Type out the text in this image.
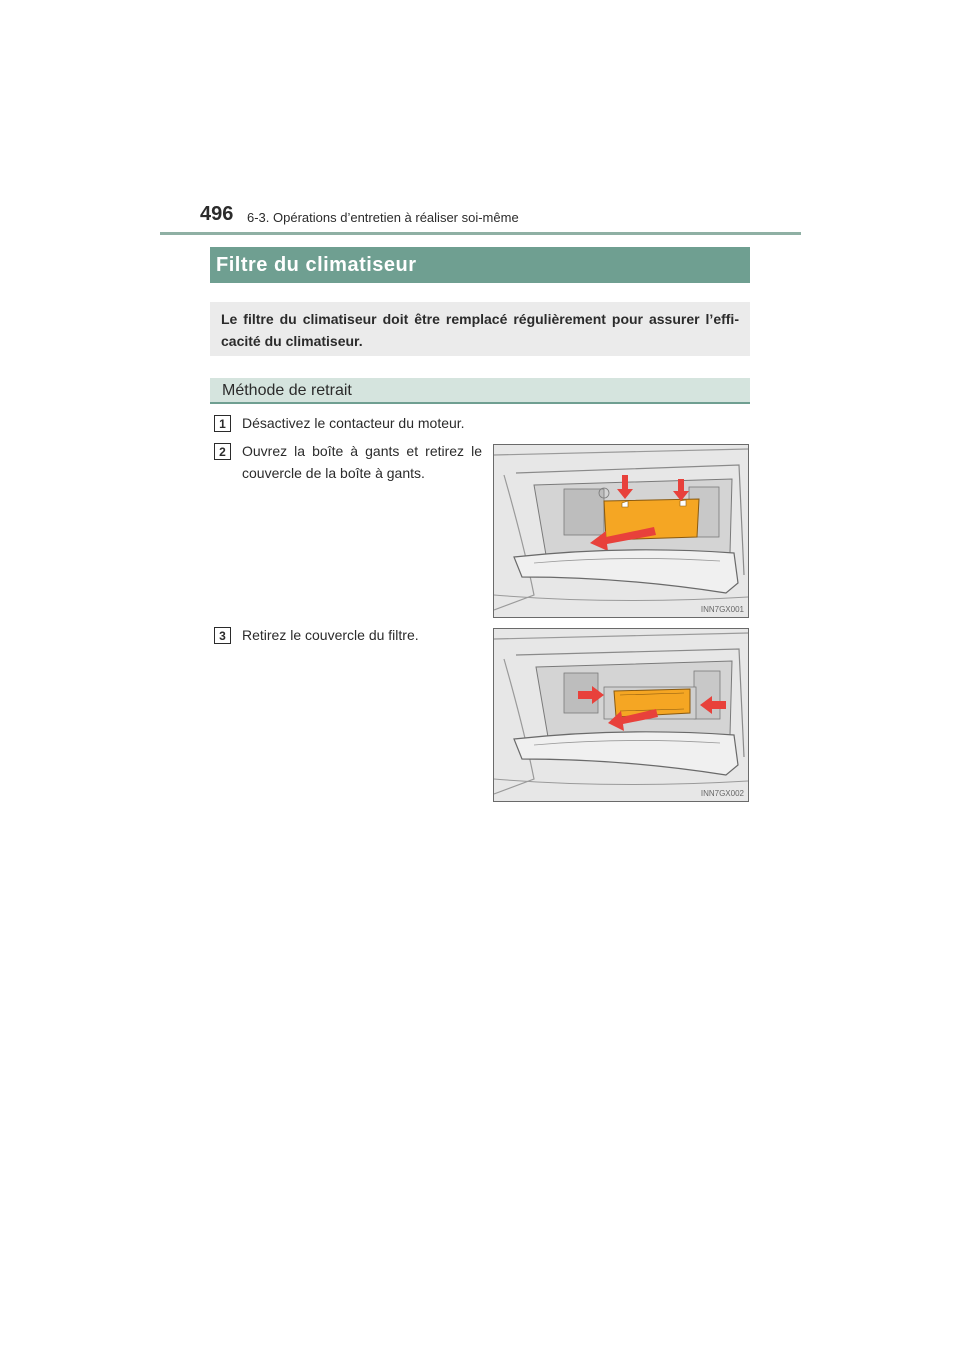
496 6-3. Opérations d’entretien à réaliser soi-même
Filtre du climatiseur
Le filtre du climatiseur doit être remplacé régulièrement pour assurer l’effi-cacité du climatiseur.
Méthode de retrait
1	Désactivez le contacteur du moteur.
2	Ouvrez la boîte à gants et retirez le couvercle de la boîte à gants.
INN7GX001
3	Retirez le couvercle du filtre.
INN7GX002
